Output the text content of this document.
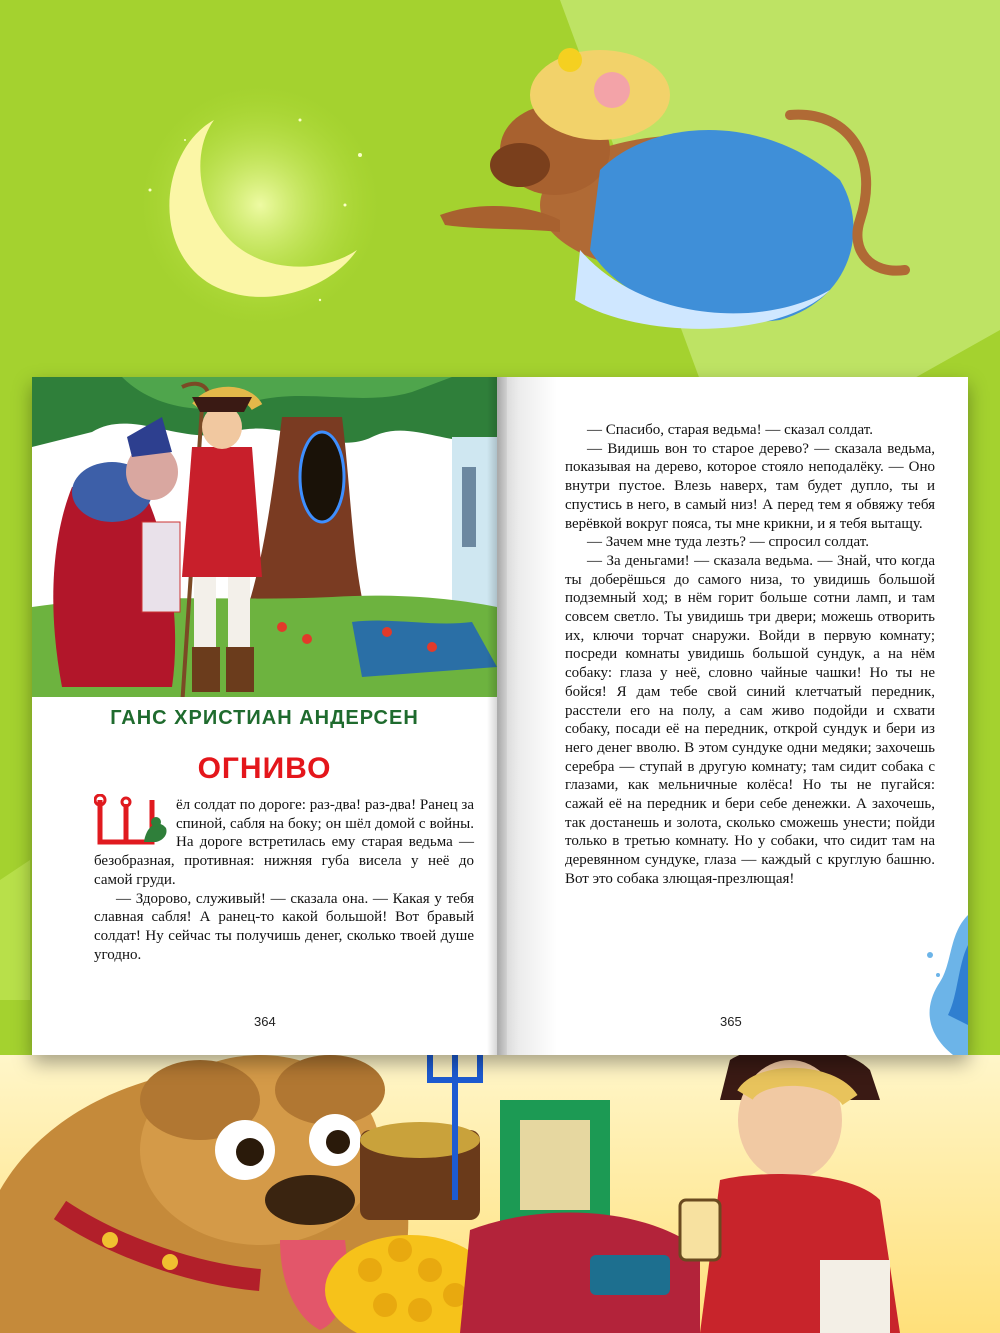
ГАНС ХРИСТИАН АНДЕРСЕН
ОГНИВО

ёл солдат по дороге: раз-два! раз-два! Ранец за спиной, сабля на боку; он шёл домой с войны. На дороге встретилась ему старая ведьма — безобразная, противная: нижняя губа висела у неё до самой груди.

— Здорово, служивый! — сказала она. — Какая у тебя славная сабля! А ранец-то какой большой! Вот бравый солдат! Ну сейчас ты получишь денег, сколько твоей душе угодно.

364

— Спасибо, старая ведьма! — сказал солдат.

— Видишь вон то старое дерево? — сказала ведьма, показывая на дерево, которое стояло неподалёку. — Оно внутри пустое. Влезь наверх, там будет дупло, ты и спустись в него, в самый низ! А перед тем я обвяжу тебя верёвкой вокруг пояса, ты мне крикни, и я тебя вытащу.

— Зачем мне туда лезть? — спросил солдат.

— За деньгами! — сказала ведьма. — Знай, что когда ты доберёшься до самого низа, то увидишь большой подземный ход; в нём горит больше сотни ламп, и там совсем светло. Ты увидишь три двери; можешь отворить их, ключи торчат снаружи. Войди в первую комнату; посреди комнаты увидишь большой сундук, а на нём собаку: глаза у неё, словно чайные чашки! Но ты не бойся! Я дам тебе свой синий клетчатый передник, расстели его на полу, а сам живо подойди и схвати собаку, посади её на передник, открой сундук и бери из него денег вволю. В этом сундуке одни медяки; захочешь серебра — ступай в другую комнату; там сидит собака с глазами, как мельничные колёса! Но ты не пугайся: сажай её на передник и бери себе денежки. А захочешь, так достанешь и золота, сколько сможешь унести; пойди только в третью комнату. Но у собаки, что сидит там на деревянном сундуке, глаза — каждый с круглую башню. Вот это собака злющая-презлющая!

365
